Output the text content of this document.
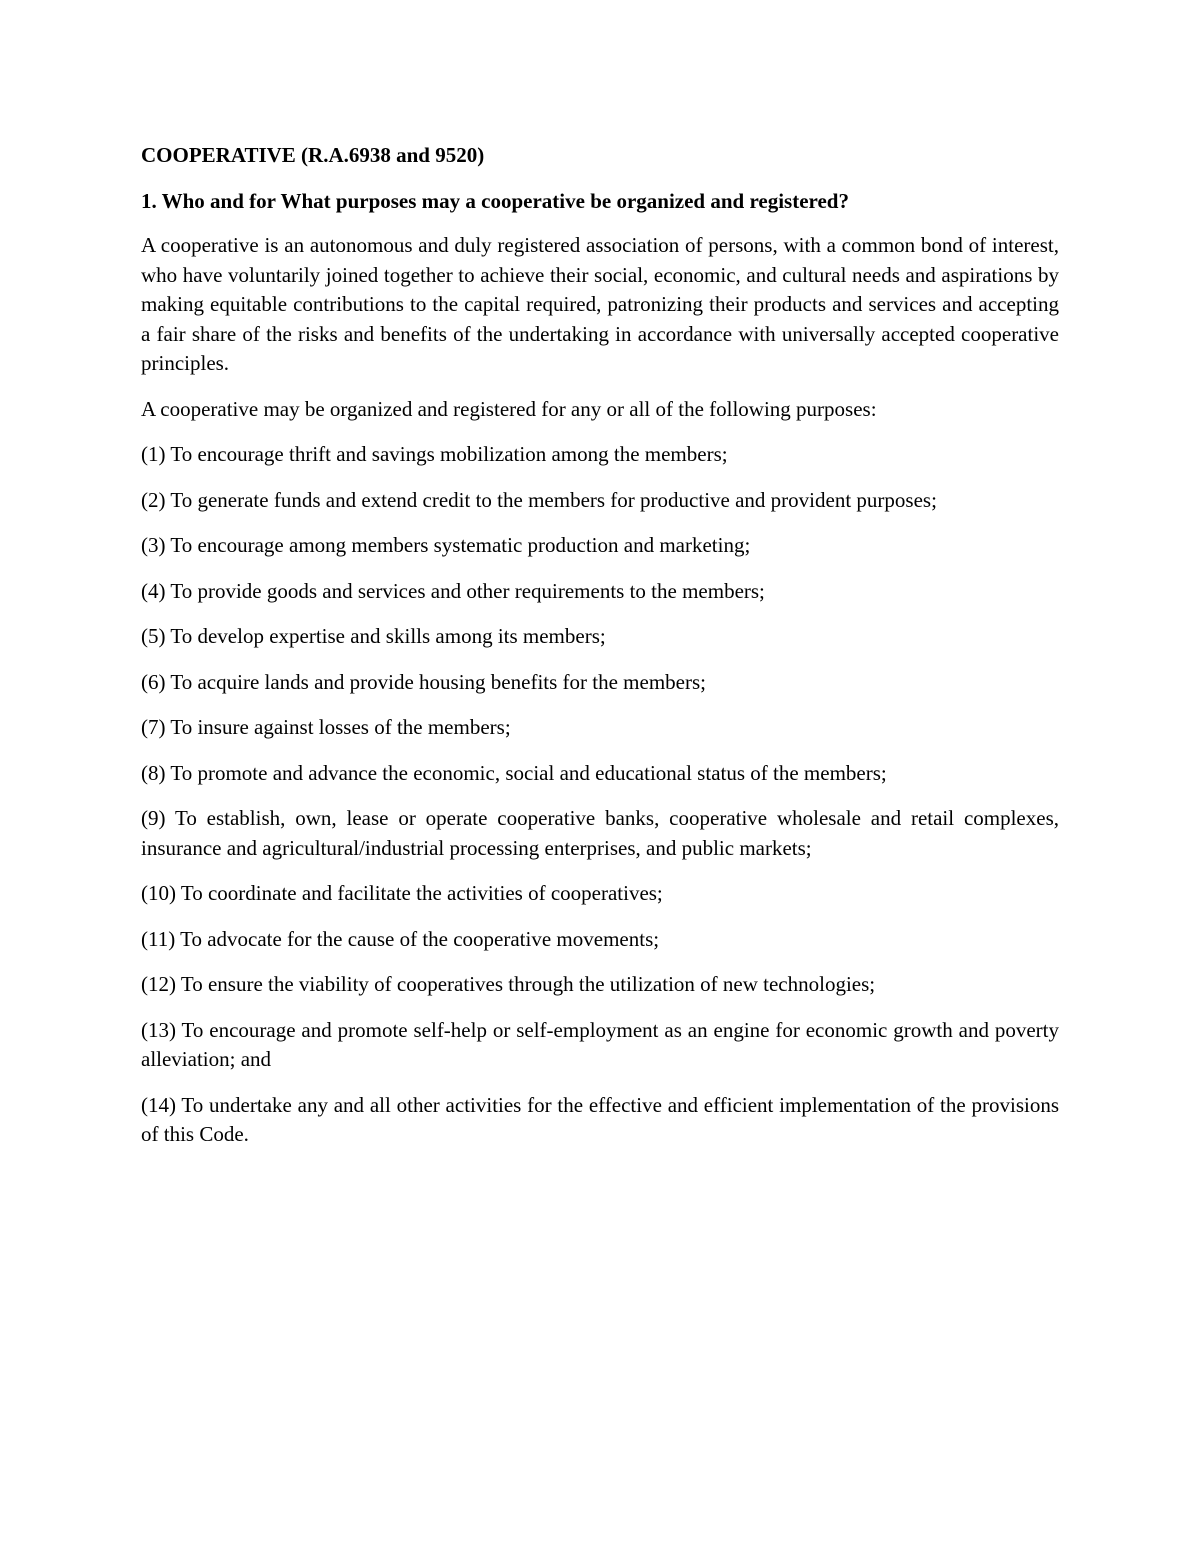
COOPERATIVE (R.A.6938 and 9520)
1. Who and for What purposes may a cooperative be organized and registered?

A cooperative is an autonomous and duly registered association of persons, with a common bond of interest, who have voluntarily joined together to achieve their social, economic, and cultural needs and aspirations by making equitable contributions to the capital required, patronizing their products and services and accepting a fair share of the risks and benefits of the undertaking in accordance with universally accepted cooperative principles.

A cooperative may be organized and registered for any or all of the following purposes:

(1) To encourage thrift and savings mobilization among the members;
(2) To generate funds and extend credit to the members for productive and provident purposes;
(3) To encourage among members systematic production and marketing;
(4) To provide goods and services and other requirements to the members;
(5) To develop expertise and skills among its members;
(6) To acquire lands and provide housing benefits for the members;
(7) To insure against losses of the members;
(8) To promote and advance the economic, social and educational status of the members;
(9) To establish, own, lease or operate cooperative banks, cooperative wholesale and retail complexes, insurance and agricultural/industrial processing enterprises, and public markets;
(10) To coordinate and facilitate the activities of cooperatives;
(11) To advocate for the cause of the cooperative movements;
(12) To ensure the viability of cooperatives through the utilization of new technologies;
(13) To encourage and promote self-help or self-employment as an engine for economic growth and poverty alleviation; and
(14) To undertake any and all other activities for the effective and efficient implementation of the provisions of this Code.
